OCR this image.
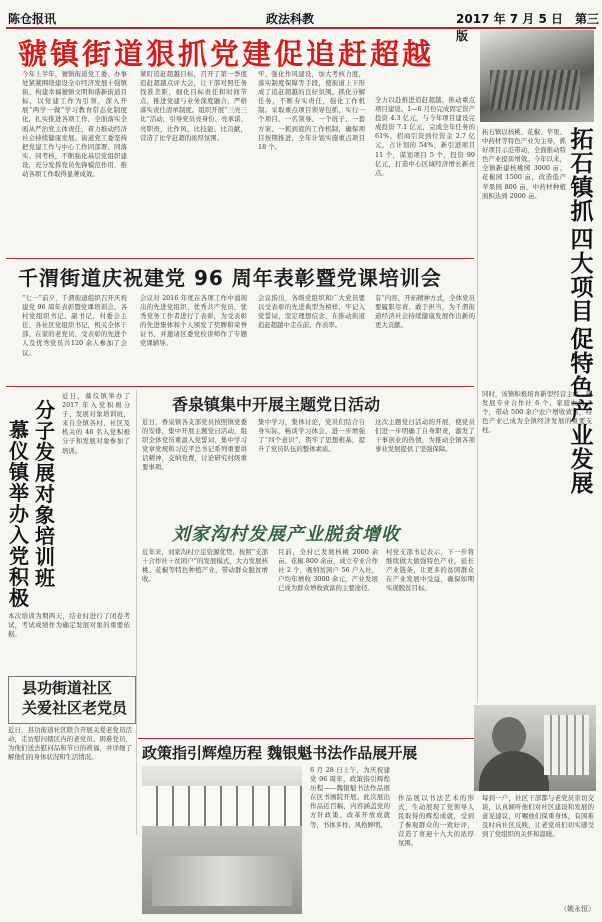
陈仓报讯	政法科教	2017 年 7 月 5 日　第三版
虢镇街道狠抓党建促追赶超越
今年上半年，虢镇街道党工委、办事处紧紧围绕建设全市经济发展十强镇街、构建幸福虢镇文明和谐新街道目标，以党建工作为引领，深入开展“两学一做”学习教育常态化制度化，扎实推进各项工作，全面落实全面从严治党主体责任，着力推动经济社会持续健康发展。街道党工委坚持把党建工作与中心工作同部署、同落实、同考核，不断强化基层党组织建设，充分发挥党员先锋模范作用，推动各项工作取得显著成效。
紧盯追赶超越目标，召开了第一季度追赶超越点评大会，让干部对照任务找准差距，细化目标责任和时间节点，推进党建与业务深度融合，严格落实责任清单制度。组织开展“三亮三比”活动，引导党员亮身份、亮承诺、亮职责，比作风、比技能、比贡献，营造了比学赶超的浓厚氛围。
牢、强化作风建设，加大考核力度，落实制度保障等手段，使街道上下形成了追赶超越的良好氛围。抓化分解任务，不断夯实责任，强化工作机制。采取重点项目领导包抓、实行一个项目、一名领导、一个班子、一套方案、一抓到底的工作机制，确保项目按期推进，全年计划实施重点项目 18 个。
全力以赴推进追赶超越，推动重点项目建设。1—6 月份完成固定资产投资 4.3 亿元，与今年项目建设完成投资 7.1 亿元，完成全年任务的 61%，招商引资到位资金 2.7 亿元，占计划的 54%，新引进项目 11 个，谋划项目 5 个，投资 99 亿元，打造中心区域经济增长新亮点。
拓
石
镇
抓
四
大
项
目
促
特
色
产
业
发
展
拓石镇以核桃、花椒、苹果、中药材等特色产业为主导，抓好项目示范带动，全面推动特色产业提质增效。今年以来，全镇新建核桃园 3000 亩、花椒园 1500 亩，改造低产苹果园 800 亩，中药材种植面积达到 2000 亩。
同时，该镇积极培育新型经营主体，新发展专业合作社 6 个、家庭农场 3 个，带动 500 余户农户增收致富，特色产业已成为全镇经济发展的重要支柱。
千渭街道庆祝建党 96 周年表彰暨党课培训会
“七一”前夕，千渭街道组织召开庆祝建党 96 周年表彰暨党课培训会。各村党组织书记、副书记、村委会主任、各社区党组织书记，机关全体干部、在家的老党员、受表彰的先进个人及优秀党员共120 余人参加了会议。
会议对 2016 年度在各项工作中涌现出的先进党组织、优秀共产党员、优秀党务工作者进行了表彰，为受表彰的先进集体和个人颁发了奖牌和荣誉证书，并邀请区委党校讲师作了专题党课辅导。
会议指出，各级党组织和广大党员要以受表彰的先进典型为榜样，牢记入党誓词，坚定理想信念，在推动街道追赶超越中走在前、作表率。
有“内容、开拓精神方式，全体党员要履职尽责、敢于担当，为千渭街道经济社会持续健康发展作出新的更大贡献。
分
子
发
展
对
象
培
训
班
慕
仪
镇
举
办
入
党
积
极
近日，慕仪镇举办了 2017 年入党积极分子、发展对象培训班，来自全镇各村、社区及机关的 46 名入党积极分子和发展对象参加了培训。
本次培训为期两天，结业时进行了闭卷考试，考试成绩作为确定发展对象的重要依据。
香泉镇集中开展主题党日活动
近日，香泉镇各支部党员按照镇党委的安排，集中开展主题党日活动，组织全体党员重温入党誓词、集中学习党章党规和习近平总书记系列重要讲话精神，交纳党费，讨论研究村级重要事项。
集中学习，集体讨论，党员们结合自身实际，畅谈学习体会，进一步增强了“四个意识”，筑牢了思想根基，提升了党员队伍的整体素质。
这次主题党日活动的开展，使党员们进一步明确了自身职责，激发了干事创业的热情，为推动全镇各项事业发展提供了坚强保障。
刘家沟村发展产业脱贫增收
近年来，刘家沟村立足资源优势，按照“支部＋合作社＋贫困户”的发展模式，大力发展核桃、花椒等特色种植产业，带动群众脱贫增收。
目前，全村已发展核桃 2000 余亩、花椒 800 余亩，成立专业合作社 2 个，吸纳贫困户 56 户入社，户均年增收 3000 余元，产业发展已成为群众增收致富的主要途径。
村党支部书记表示，下一步将继续做大做强特色产业，延长产业链条，让更多的贫困群众在产业发展中受益，确保如期实现脱贫目标。
县功街道社区 关爱社区老党员
近日，县功街道社区联合开展关爱老党员活动，走访慰问辖区内的老党员、困难党员，为他们送去慰问品和节日的祝福，并详细了解他们的身体状况和生活情况。	政策指引辉煌历程 魏银魁书法作品展开展
6 月 28 日上午，为庆祝建党 96 周年，政策指引辉煌历程——魏银魁书法作品展在区书画院开展。此次展出作品近百幅，内容涵盖党的方针政策、改革开放成就等，书体多样，风格鲜明。
作品展以书法艺术的形式，生动展现了党领导人民取得的辉煌成就，受到了参观群众的一致好评，营造了喜迎十九大的浓厚氛围。
每到一户，社区干部都与老党员亲切交谈，认真倾听他们对社区建设和发展的意见建议，叮嘱他们保重身体，有困难及时向社区反映，让老党员们切实感受到了党组织的关怀和温暖。
（姚永恒）
